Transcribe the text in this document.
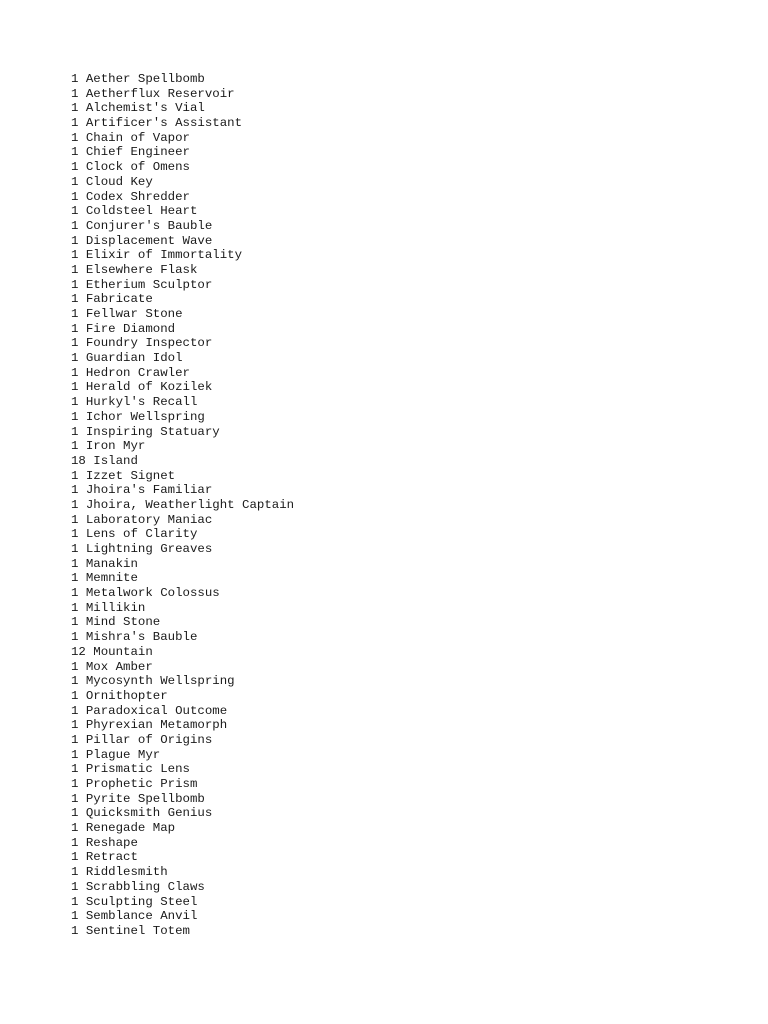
1 Aether Spellbomb
1 Aetherflux Reservoir
1 Alchemist's Vial
1 Artificer's Assistant
1 Chain of Vapor
1 Chief Engineer
1 Clock of Omens
1 Cloud Key
1 Codex Shredder
1 Coldsteel Heart
1 Conjurer's Bauble
1 Displacement Wave
1 Elixir of Immortality
1 Elsewhere Flask
1 Etherium Sculptor
1 Fabricate
1 Fellwar Stone
1 Fire Diamond
1 Foundry Inspector
1 Guardian Idol
1 Hedron Crawler
1 Herald of Kozilek
1 Hurkyl's Recall
1 Ichor Wellspring
1 Inspiring Statuary
1 Iron Myr
18 Island
1 Izzet Signet
1 Jhoira's Familiar
1 Jhoira, Weatherlight Captain
1 Laboratory Maniac
1 Lens of Clarity
1 Lightning Greaves
1 Manakin
1 Memnite
1 Metalwork Colossus
1 Millikin
1 Mind Stone
1 Mishra's Bauble
12 Mountain
1 Mox Amber
1 Mycosynth Wellspring
1 Ornithopter
1 Paradoxical Outcome
1 Phyrexian Metamorph
1 Pillar of Origins
1 Plague Myr
1 Prismatic Lens
1 Prophetic Prism
1 Pyrite Spellbomb
1 Quicksmith Genius
1 Renegade Map
1 Reshape
1 Retract
1 Riddlesmith
1 Scrabbling Claws
1 Sculpting Steel
1 Semblance Anvil
1 Sentinel Totem
